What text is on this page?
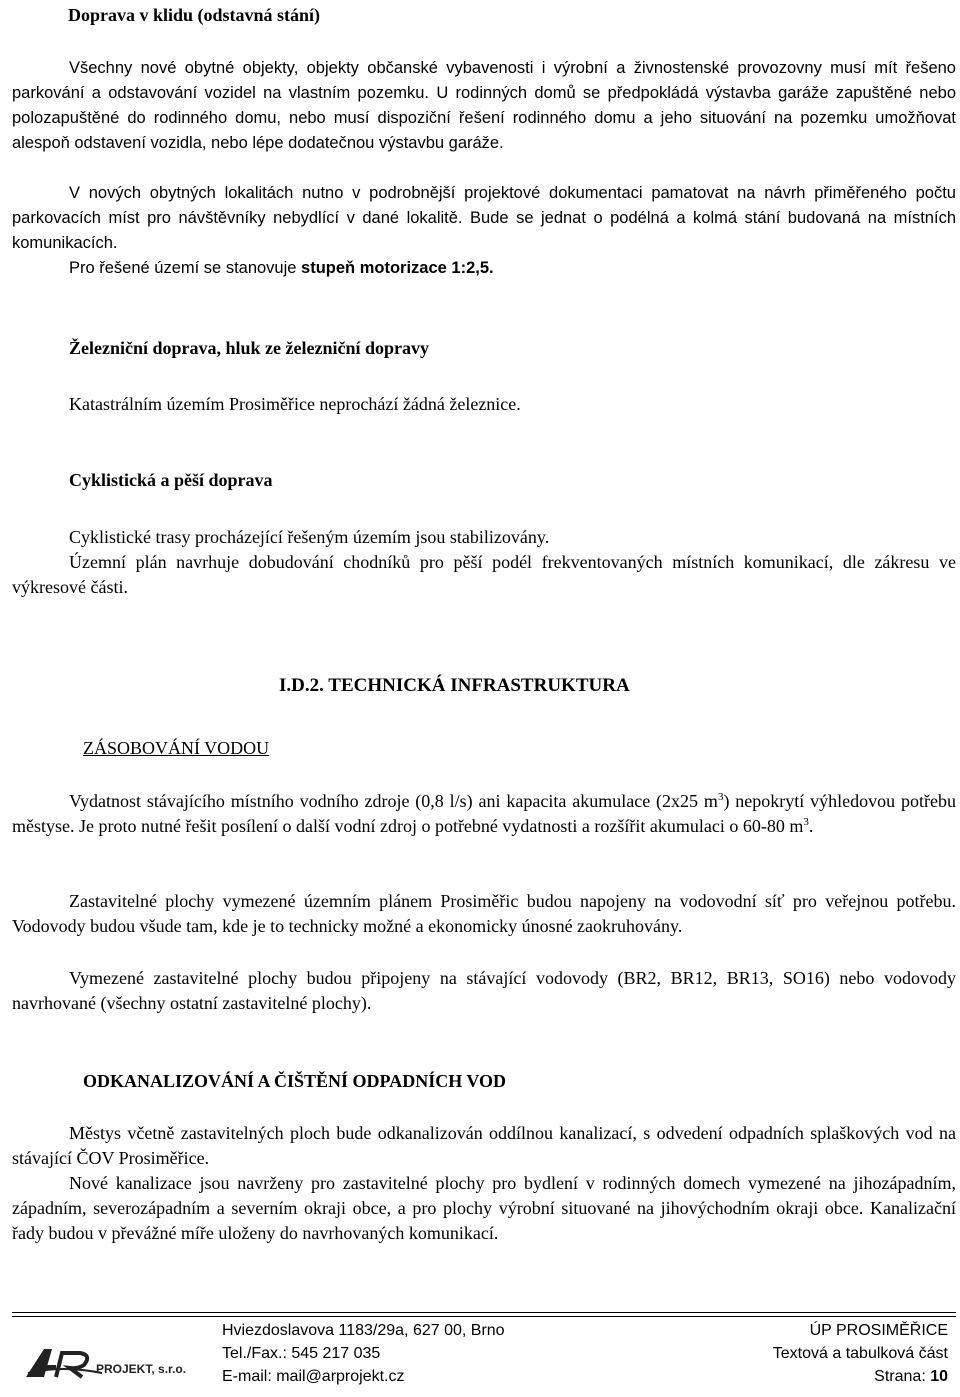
Doprava v klidu (odstavná stání)
Všechny nové obytné objekty, objekty občanské vybavenosti i výrobní a živnostenské provozovny musí mít řešeno parkování a odstavování vozidel na vlastním pozemku. U rodinných domů se předpokládá výstavba garáže zapuštěné nebo polozapuštěné do rodinného domu, nebo musí dispoziční řešení rodinného domu a jeho situování na pozemku umožňovat alespoň odstavení vozidla, nebo lépe dodatečnou výstavbu garáže.
V nových obytných lokalitách nutno v podrobnější projektové dokumentaci pamatovat na návrh přiměřeného počtu parkovacích míst pro návštěvníky nebydlící v dané lokalitě. Bude se jednat o podélná a kolmá stání budovaná na místních komunikacích.
Pro řešené území se stanovuje stupeň motorizace 1:2,5.
Železniční doprava, hluk ze železniční dopravy
Katastrálním územím Prosiměřice neprochází žádná železnice.
Cyklistická a pěší doprava
Cyklistické trasy procházející řešeným územím jsou stabilizovány.
Územní plán navrhuje dobudování chodníků pro pěší podél frekventovaných místních komunikací, dle zákresu ve výkresové části.
I.D.2. TECHNICKÁ INFRASTRUKTURA
ZÁSOBOVÁNÍ VODOU
Vydatnost stávajícího místního vodního zdroje (0,8 l/s) ani kapacita akumulace (2x25 $m^3$) nepokrytí výhledovou potřebu městyse. Je proto nutné řešit posílení o další vodní zdroj o potřebné vydatnosti a rozšířit akumulaci o 60-80 $m^3$.
Zastavitelné plochy vymezené územním plánem Prosiměřic budou napojeny na vodovodní síť pro veřejnou potřebu. Vodovody budou všude tam, kde je to technicky možné a ekonomicky únosné zaokruhovány.
Vymezené zastavitelné plochy budou připojeny na stávající vodovody (BR2, BR12, BR13, SO16) nebo vodovody navrhované (všechny ostatní zastavitelné plochy).
ODKANALIZOVÁNÍ A ČIŠTĚNÍ ODPADNÍCH VOD
Městys včetně zastavitelných ploch bude odkanalizován oddílnou kanalizací, s odvedení odpadních splaškových vod na stávající ČOV Prosiměřice.
Nové kanalizace jsou navrženy pro zastavitelné plochy pro bydlení v rodinných domech vymezené na jihozápadním, západním, severozápadním a severním okraji obce, a pro plochy výrobní situované na jihovýchodním okraji obce. Kanalizační řady budou v převážné míře uloženy do navrhovaných komunikací.
PROJEKT, s.r.o.
Hviezdoslavova 1183/29a, 627 00, Brno
Tel./Fax.: 545 217 035
E-mail: mail@arprojekt.cz
ÚP PROSIMĚŘICE
Textová a tabulková část
Strana: 10
